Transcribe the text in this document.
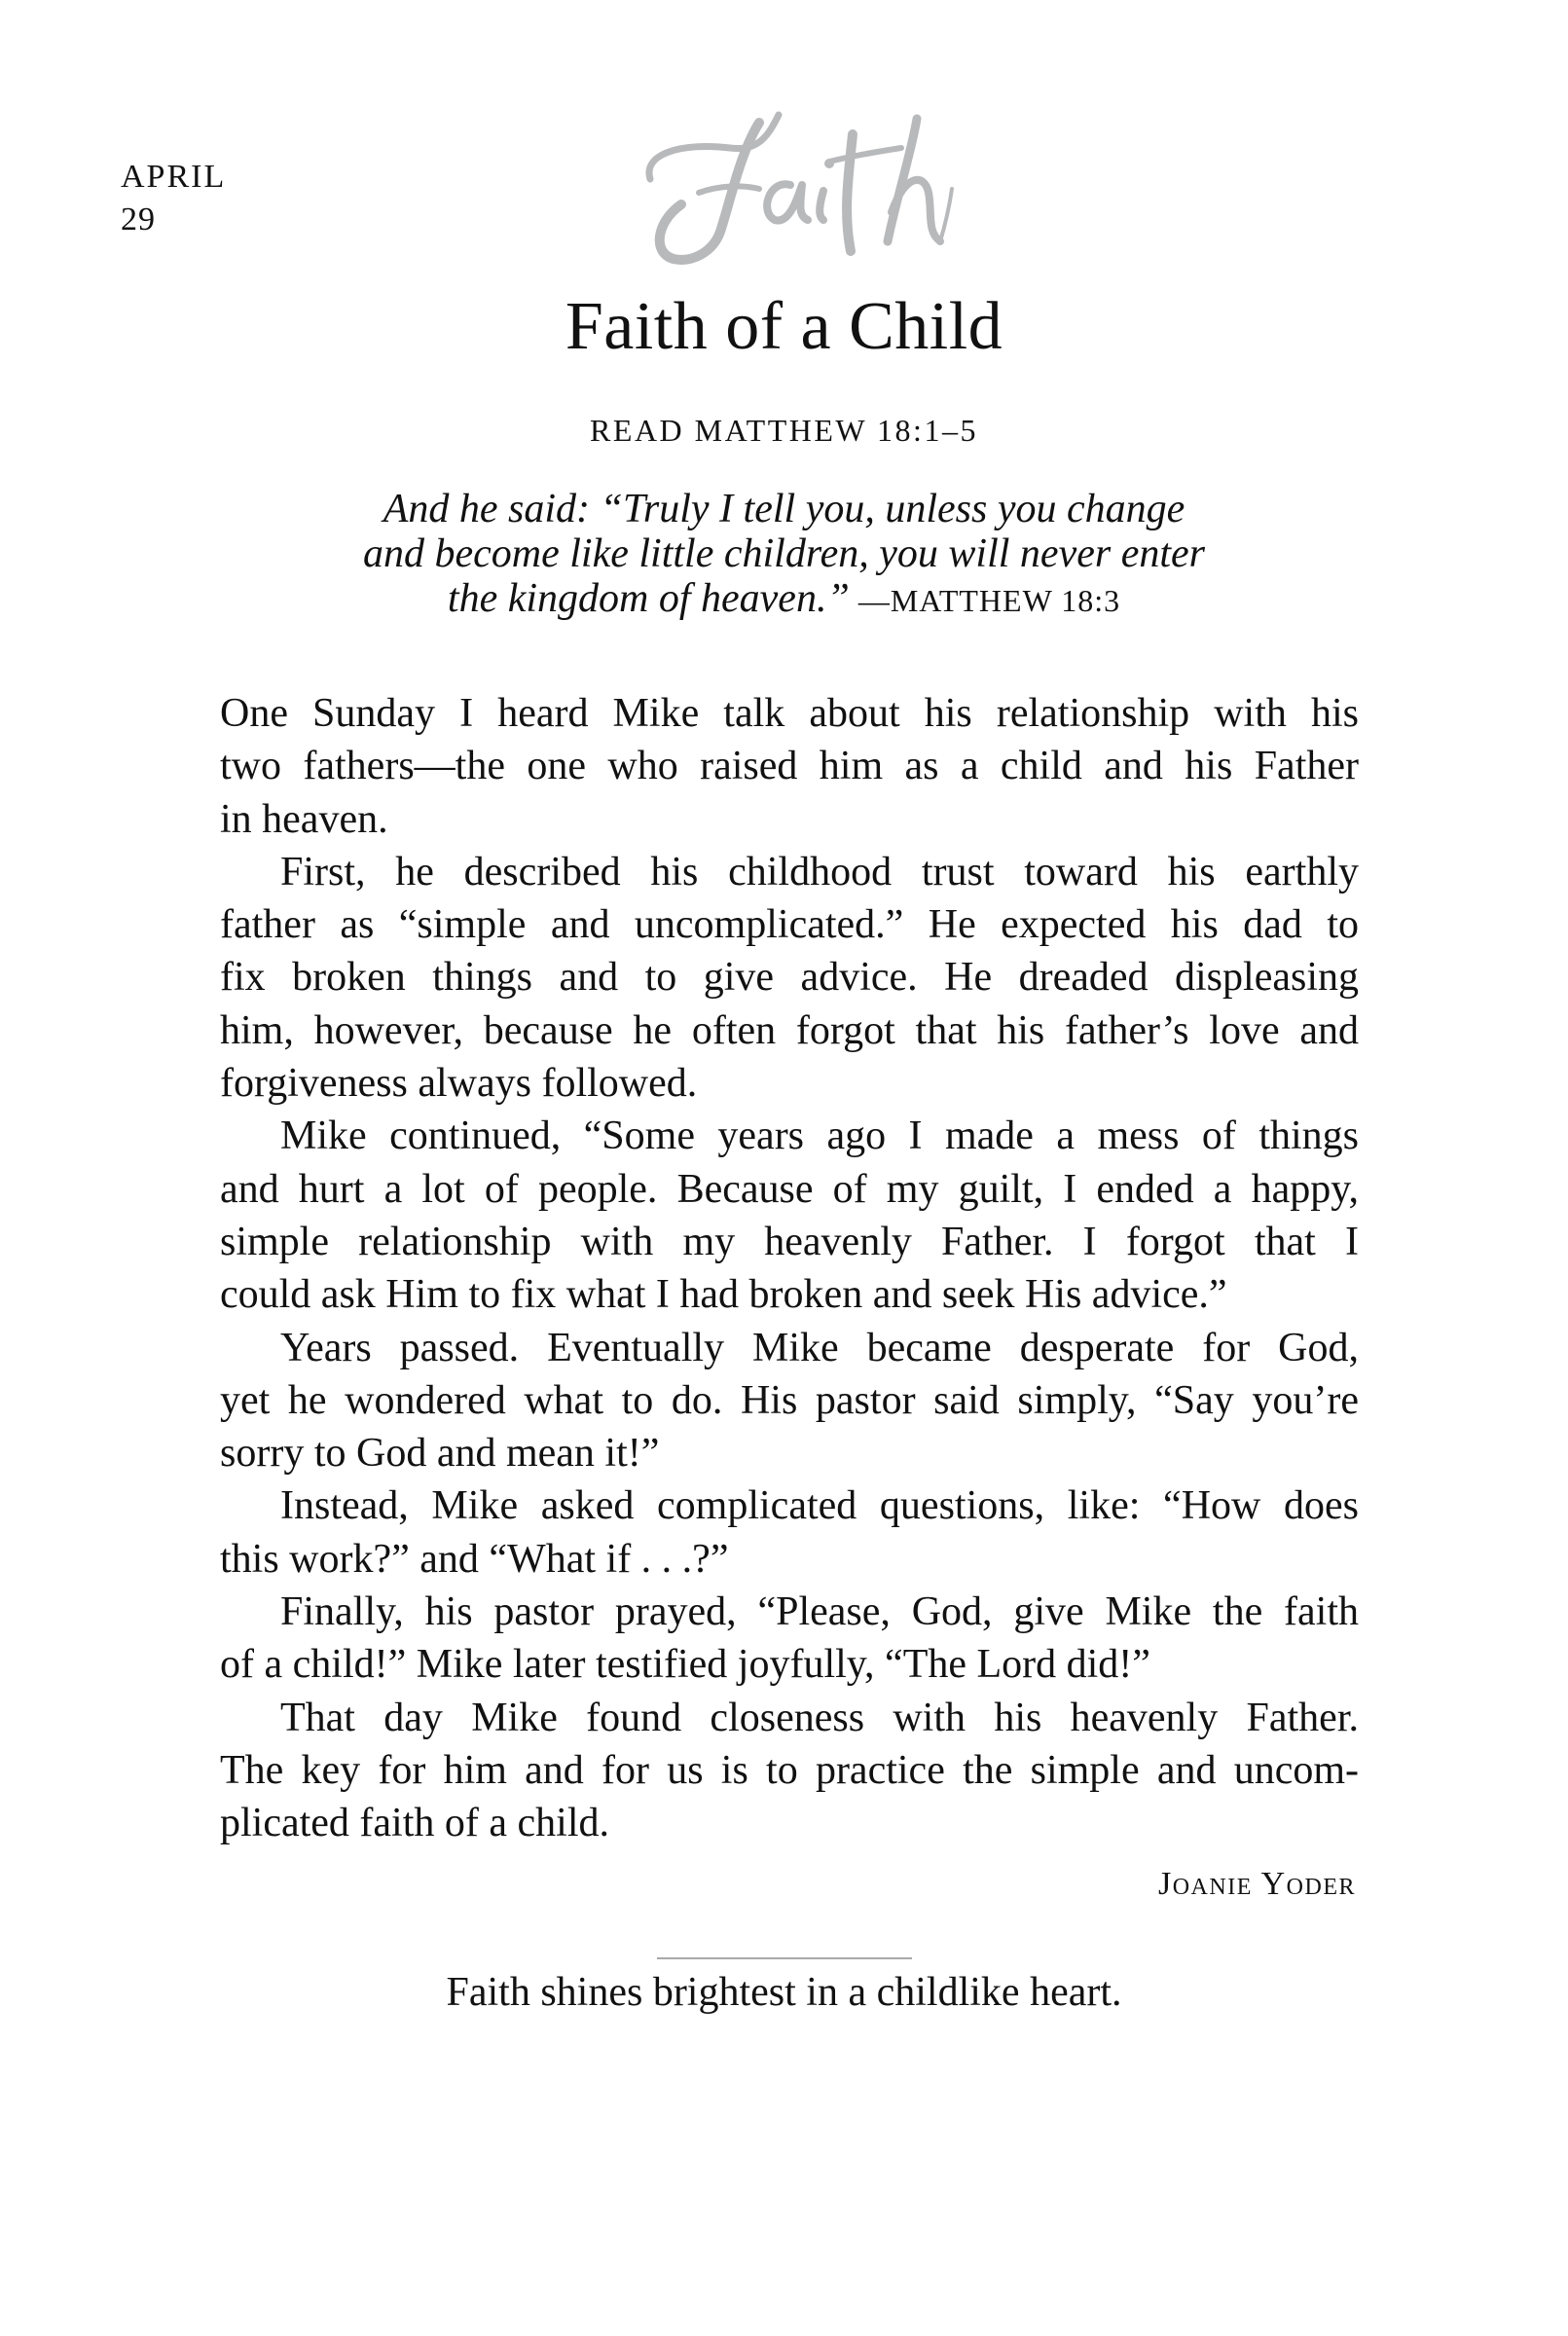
APRIL
29
Faith of a Child
READ MATTHEW 18:1–5
And he said: “Truly I tell you, unless you change
and become like little children, you will never enter
the kingdom of heaven.” —MATTHEW 18:3
One Sunday I heard Mike talk about his relationship with his
two fathers—the one who raised him as a child and his Father
in heaven.
First, he described his childhood trust toward his earthly
father as “simple and uncomplicated.” He expected his dad to
fix broken things and to give advice. He dreaded displeasing
him, however, because he often forgot that his father’s love and
forgiveness always followed.
Mike continued, “Some years ago I made a mess of things
and hurt a lot of people. Because of my guilt, I ended a happy,
simple relationship with my heavenly Father. I forgot that I
could ask Him to fix what I had broken and seek His advice.”
Years passed. Eventually Mike became desperate for God,
yet he wondered what to do. His pastor said simply, “Say you’re
sorry to God and mean it!”
Instead, Mike asked complicated questions, like: “How does
this work?” and “What if . . .?”
Finally, his pastor prayed, “Please, God, give Mike the faith
of a child!” Mike later testified joyfully, “The Lord did!”
That day Mike found closeness with his heavenly Father.
The key for him and for us is to practice the simple and uncom-
plicated faith of a child.
Joanie Yoder
Faith shines brightest in a childlike heart.
